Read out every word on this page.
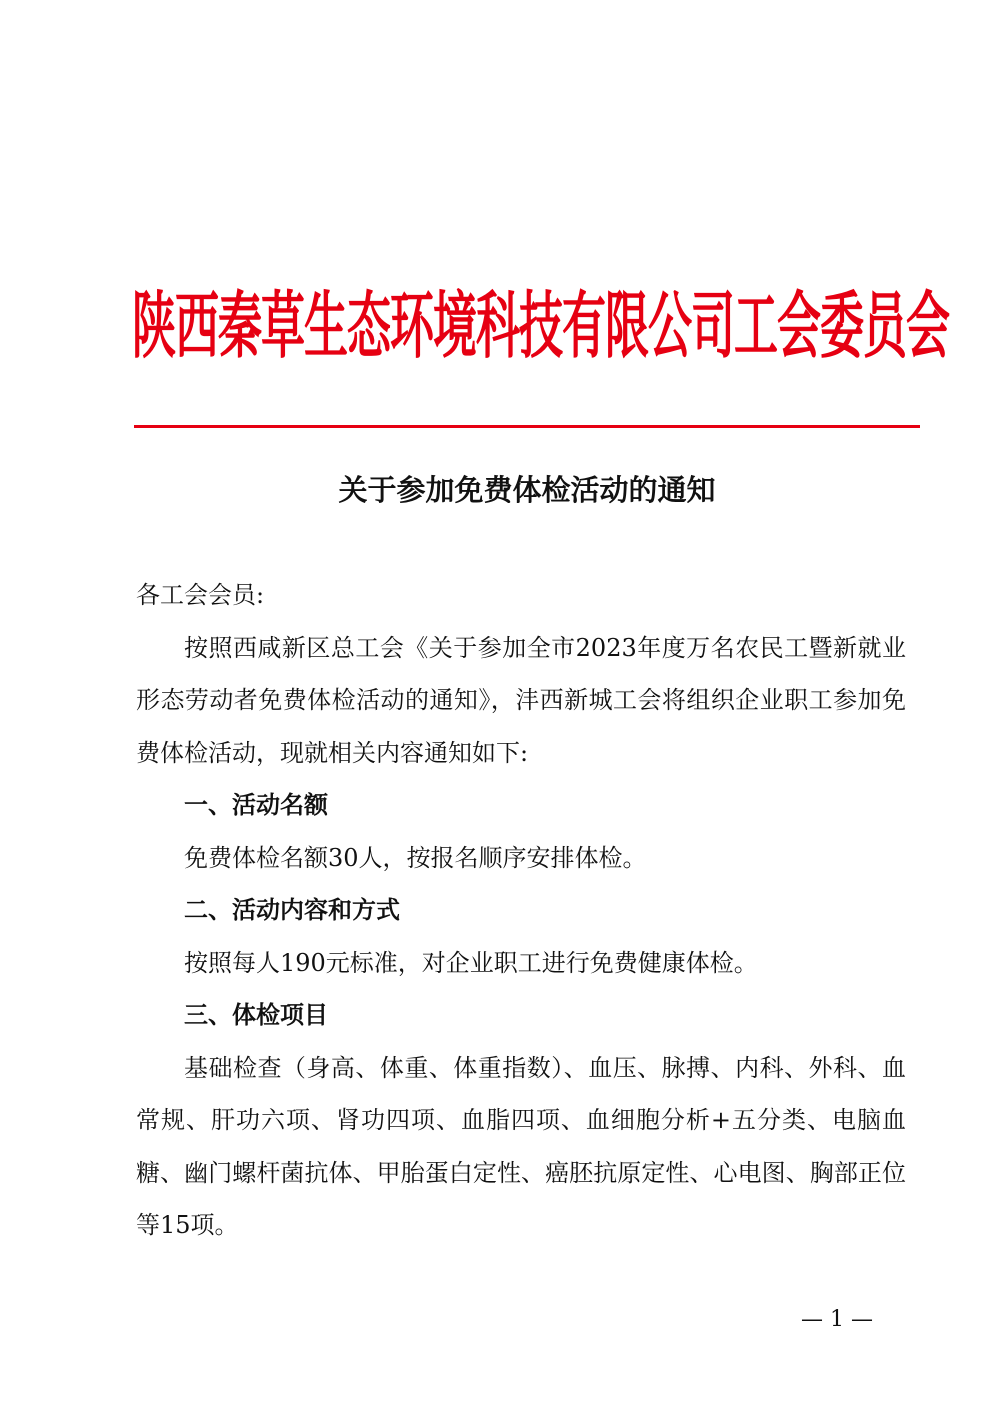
陕西秦草生态环境科技有限公司工会委员会
关于参加免费体检活动的通知

各工会会员:

按照西咸新区总工会《关于参加全市2023年度万名农民工暨新就业形态劳动者免费体检活动的通知》，沣西新城工会将组织企业职工参加免费体检活动，现就相关内容通知如下:

一、活动名额

免费体检名额30人，按报名顺序安排体检。

二、活动内容和方式

按照每人190元标准，对企业职工进行免费健康体检。

三、体检项目

基础检查（身高、体重、体重指数）、血压、脉搏、内科、外科、血常规、肝功六项、肾功四项、血脂四项、血细胞分析+五分类、电脑血糖、幽门螺杆菌抗体、甲胎蛋白定性、癌胚抗原定性、心电图、胸部正位等15项。

— 1 —
